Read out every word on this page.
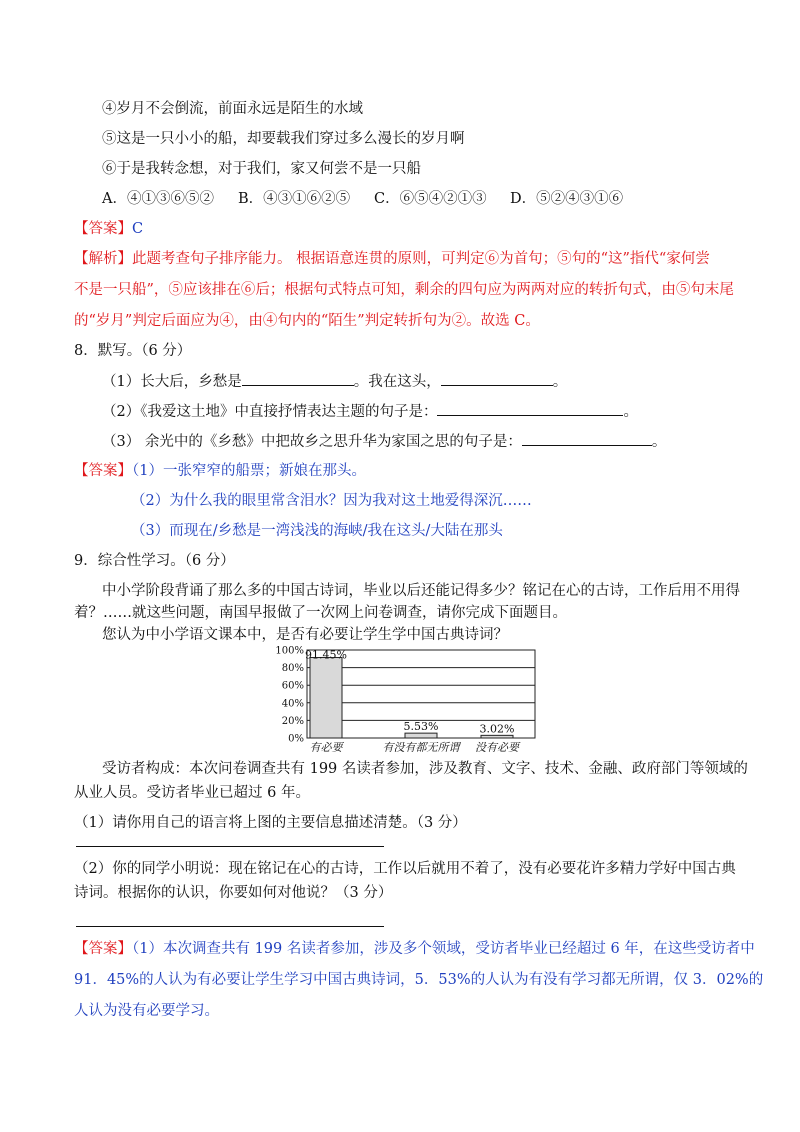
④岁月不会倒流，前面永远是陌生的水域
⑤这是一只小小的船，却要载我们穿过多么漫长的岁月啊
⑥于是我转念想，对于我们，家又何尝不是一只船
A．④①③⑥⑤② B．④③①⑥②⑤ C．⑥⑤④②①③ D．⑤②④③①⑥
【答案】C
【解析】此题考查句子排序能力。 根据语意连贯的原则，可判定⑥为首句；⑤句的“这”指代“家何尝
不是一只船”，⑤应该排在⑥后；根据句式特点可知，剩余的四句应为两两对应的转折句式，由⑤句末尾
的“岁月”判定后面应为④，由④句内的“陌生”判定转折句为②。故选 C。
8．默写。（6 分）
（1）长大后，乡愁是	。我在这头，	。
（2）《我爱这土地》中直接抒情表达主题的句子是：	。
（3） 余光中的《乡愁》中把故乡之思升华为家国之思的句子是：	。
【答案】（1）一张窄窄的船票；新娘在那头。
（2）为什么我的眼里常含泪水？因为我对这土地爱得深沉……
（3）而现在/乡愁是一湾浅浅的海峡/我在这头/大陆在那头
9．综合性学习。（6 分）
中小学阶段背诵了那么多的中国古诗词，毕业以后还能记得多少？铭记在心的古诗，工作后用不用得
着？……就这些问题，南国早报做了一次网上问卷调查，请你完成下面题目。
您认为中小学语文课本中，是否有必要让学生学中国古典诗词？
0%
20%
40%
60%
80%
100% 91.45%
5.53%	3.02%
有必要	有没有都无所谓 没有必要
受访者构成：本次问卷调查共有 199 名读者参加，涉及教育、文字、技术、金融、政府部门等领域的
从业人员。受访者毕业已超过 6 年。
（1）请你用自己的语言将上图的主要信息描述清楚。（3 分）
（2）你的同学小明说：现在铭记在心的古诗，工作以后就用不着了，没有必要花许多精力学好中国古典
诗词。根据你的认识，你要如何对他说？（3 分）
【答案】（1）本次调查共有 199 名读者参加，涉及多个领域，受访者毕业已经超过 6 年，在这些受访者中
91．45%的人认为有必要让学生学习中国古典诗词，5．53%的人认为有没有学习都无所谓，仅 3．02%的
人认为没有必要学习。
